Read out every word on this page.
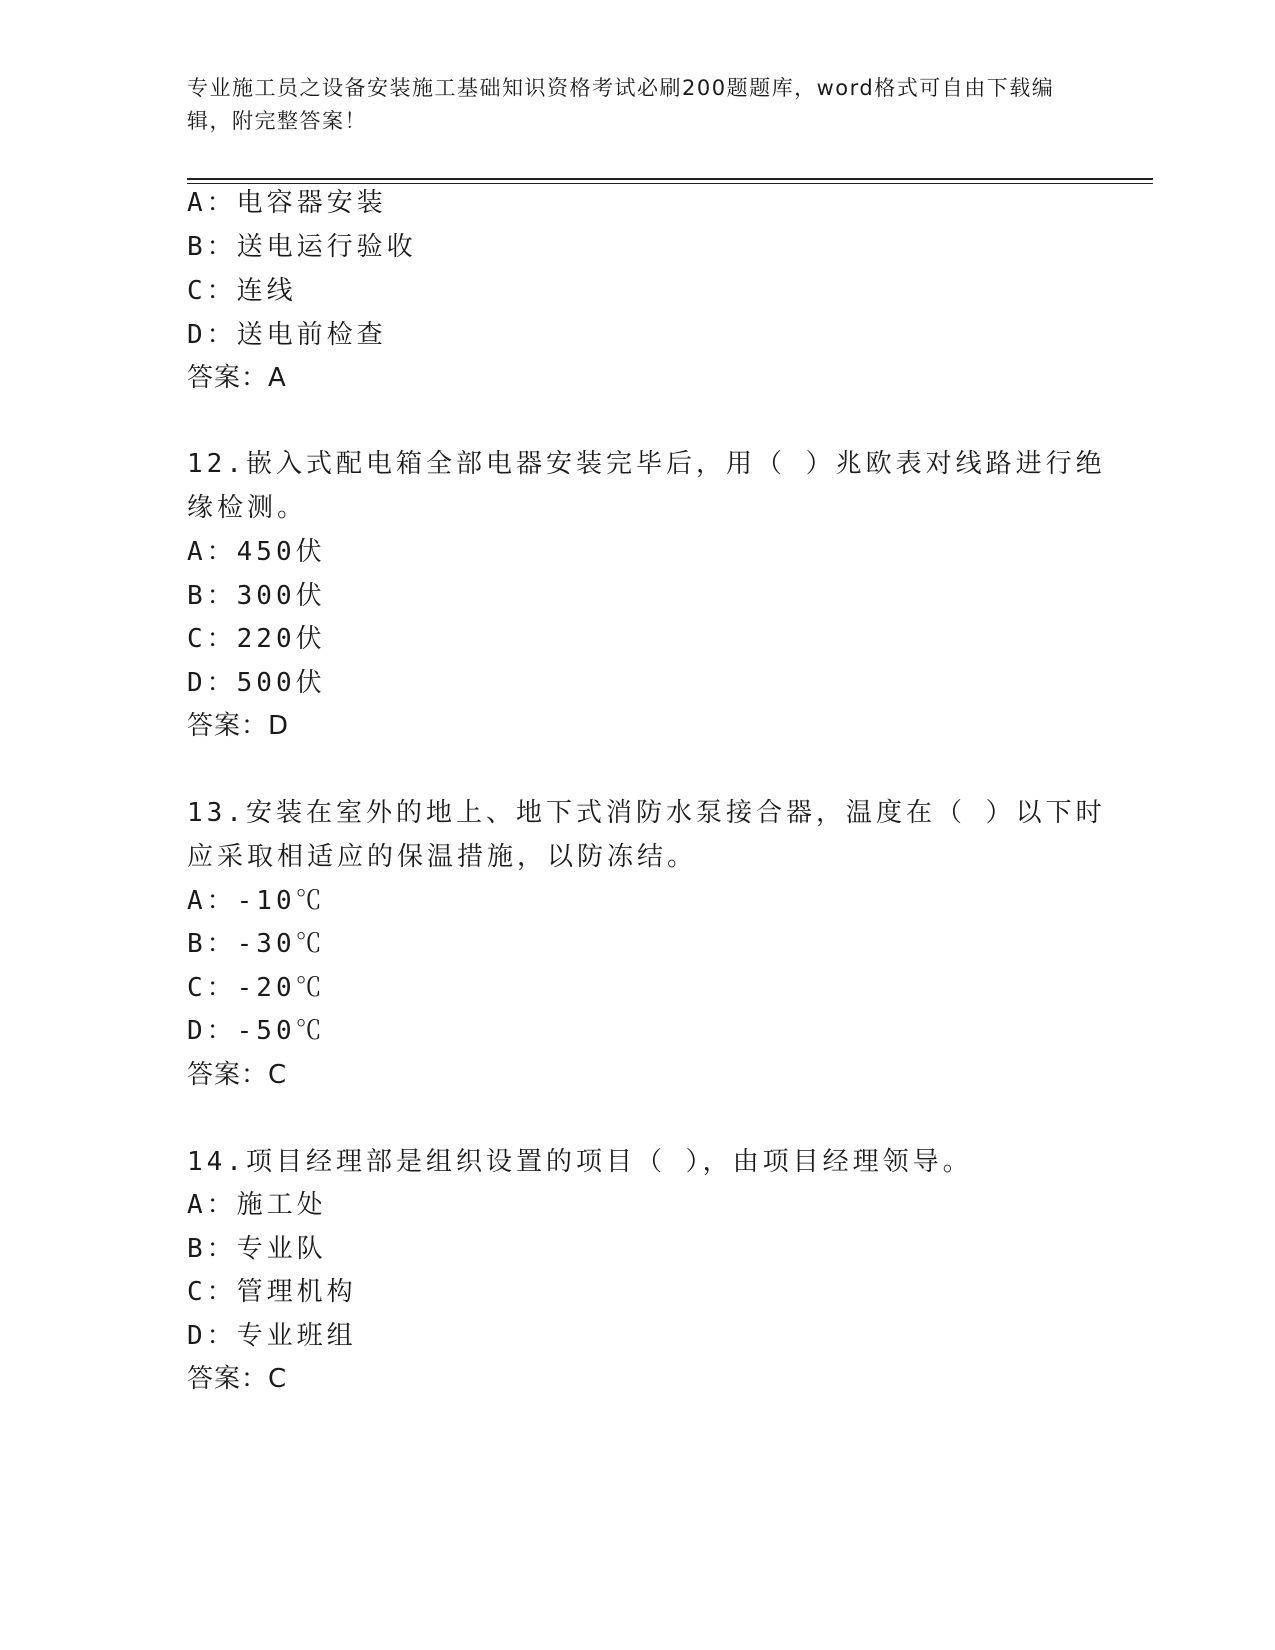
专业施工员之设备安装施工基础知识资格考试必刷200题题库，word格式可自由下载编辑，附完整答案！
A：电容器安装
B：送电运行验收
C：连线
D：送电前检查
答案：A
12.嵌入式配电箱全部电器安装完毕后，用（ ）兆欧表对线路进行绝
缘检测。
A：450伏
B：300伏
C：220伏
D：500伏
答案：D
13.安装在室外的地上、地下式消防水泵接合器，温度在（ ）以下时
应采取相适应的保温措施，以防冻结。
A：-10℃
B：-30℃
C：-20℃
D：-50℃
答案：C
14.项目经理部是组织设置的项目（ ），由项目经理领导。
A：施工处
B：专业队
C：管理机构
D：专业班组
答案：C
